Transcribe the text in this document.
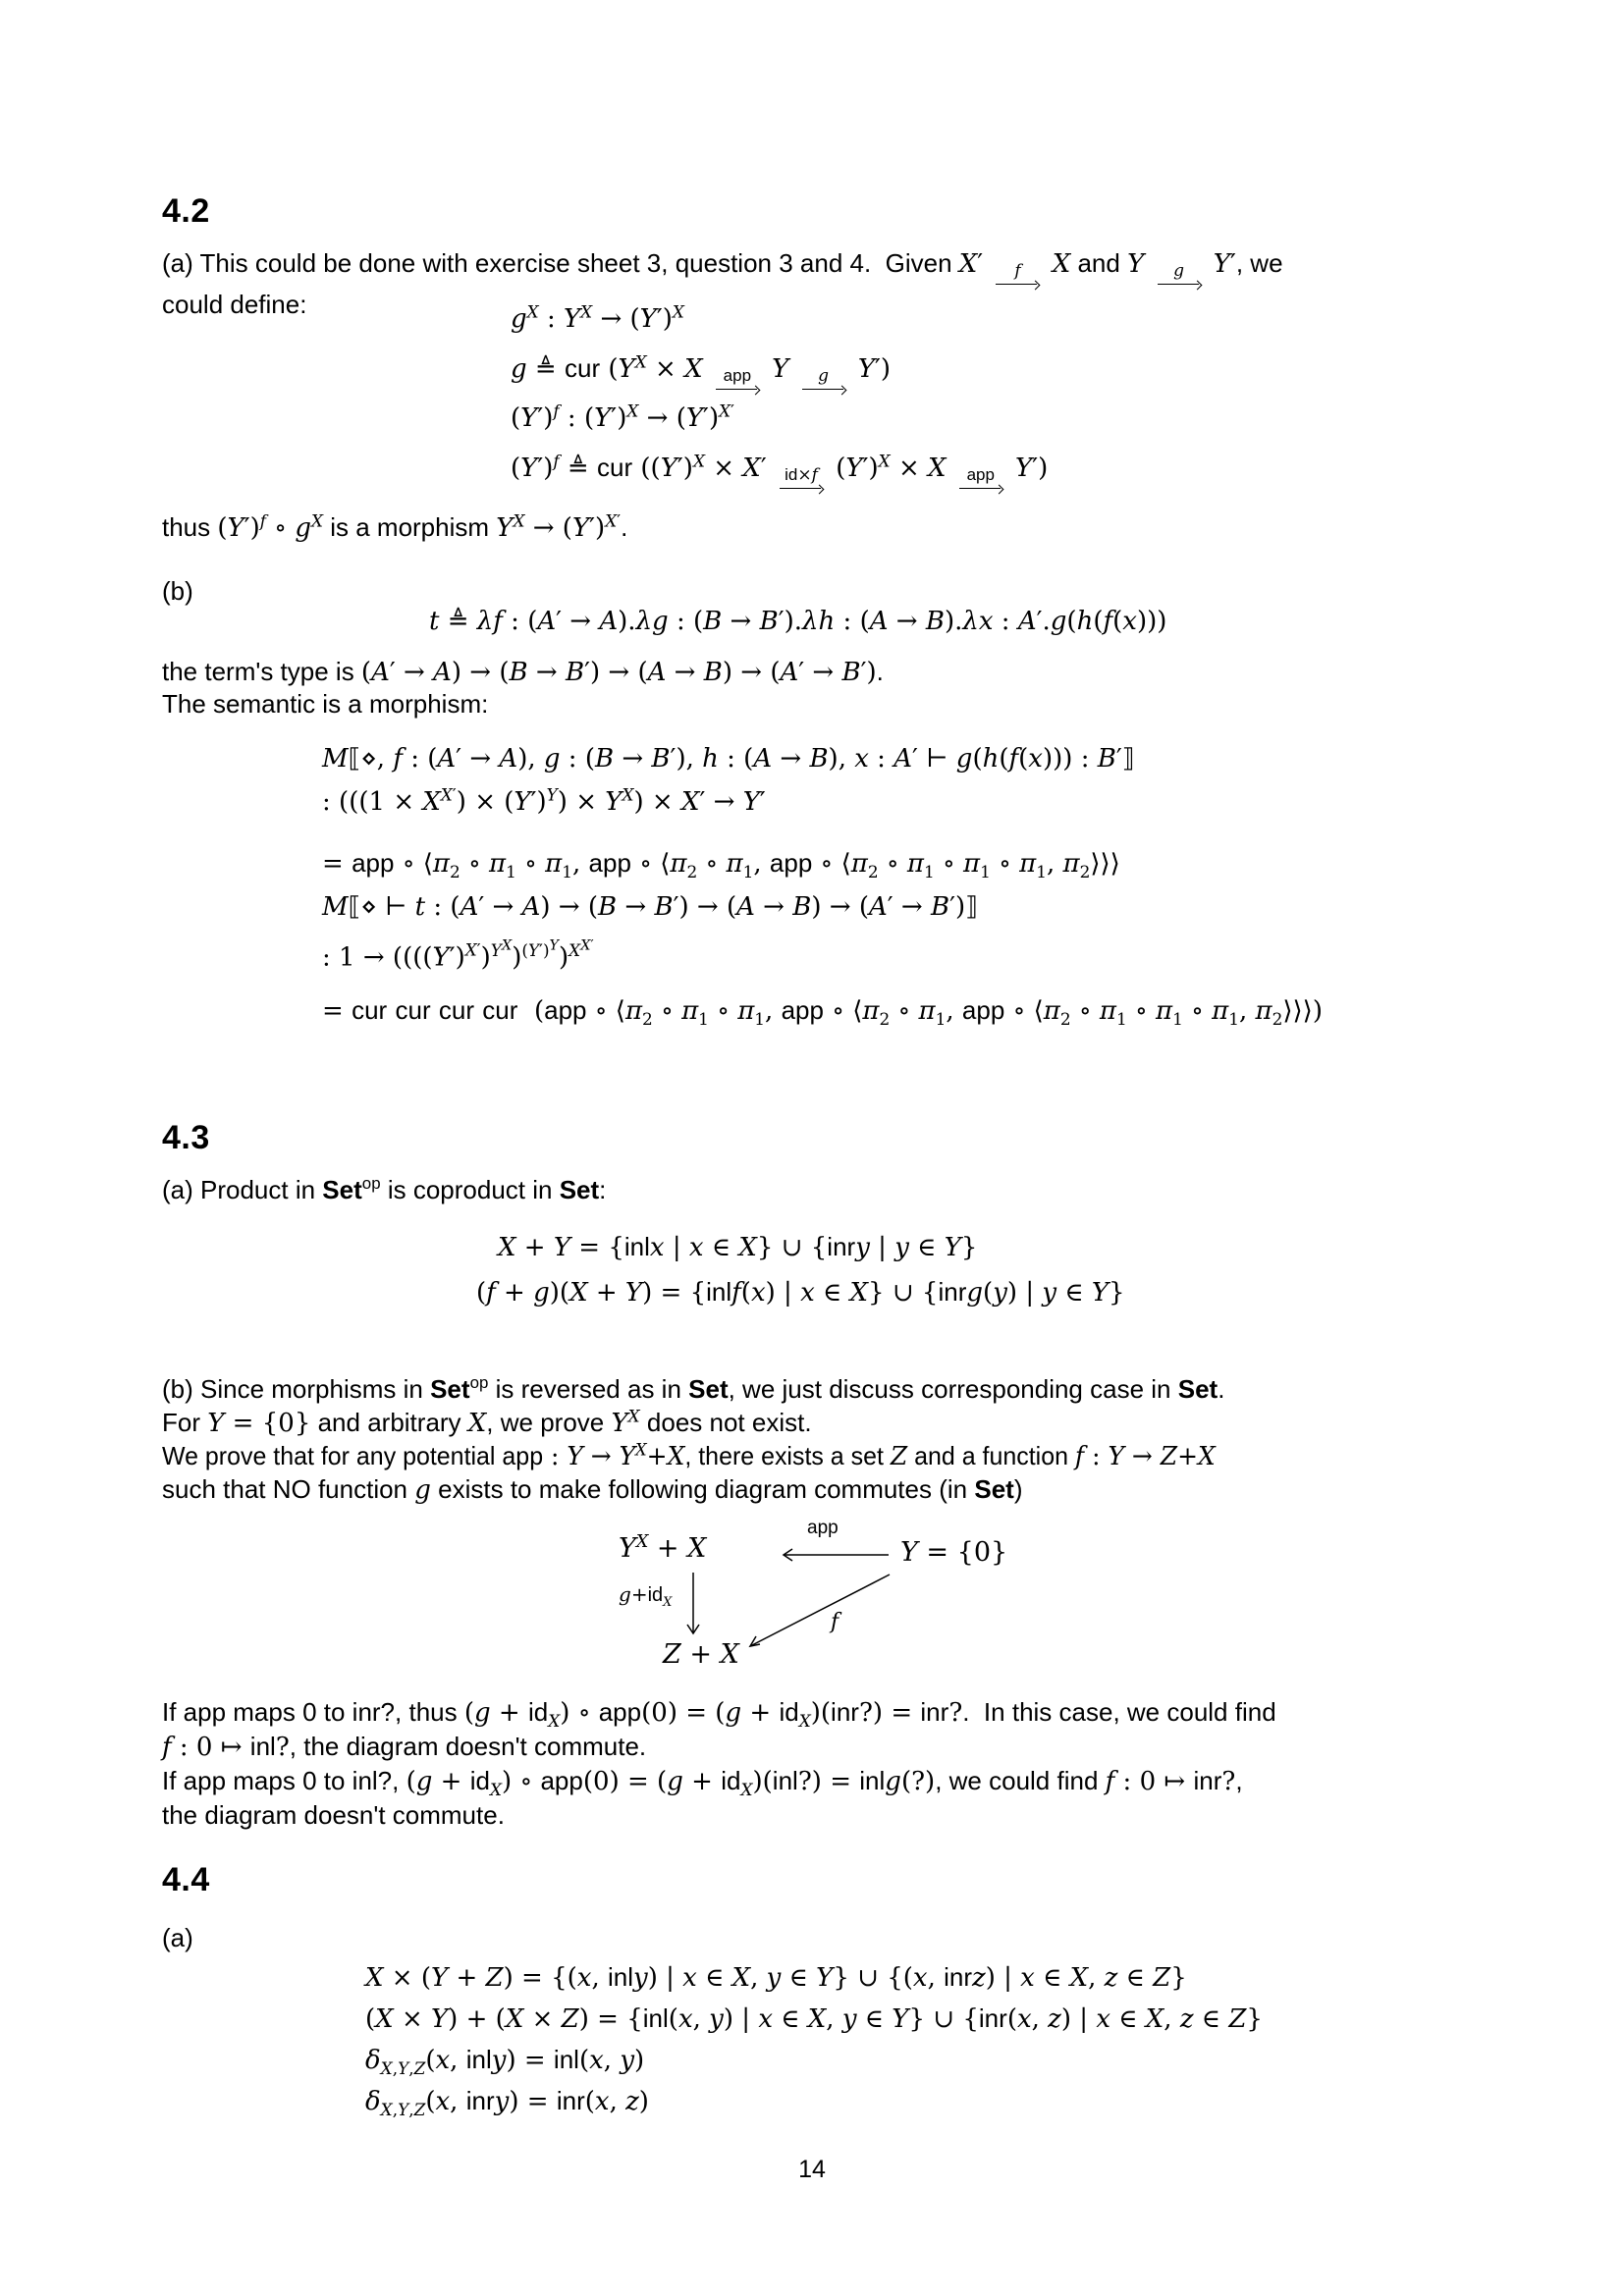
4.2
(a) This could be done with exercise sheet 3, question 3 and 4.  Given X′ f X and Y g Y′, we
could define:	$g^X$ : $Y^X \to (Y')^X$
g ≜ cur ($Y^X \times X$ app Y g Y′)
$(Y')^f$ : $(Y')^X \to (Y')^{X'}$
$(Y')^f$ ≜ cur ($(Y')^X \times X'$ id×f $(Y')^X \times X$ app Y′)
thus $(Y')^f$ ∘ $g^X$ is a morphism $Y^X \to (Y')^{X'}$.
(b)
t ≜ λf : (A′ → A).λg : (B → B′).λh : (A → B).λx : A′.g(h(f(x)))
the term's type is (A′ → A) → (B → B′) → (A → B) → (A′ → B′).
The semantic is a morphism:
M⟦⋄, f : (A′ → A), g : (B → B′), h : (A → B), x : A′ ⊢ g(h(f(x))) : B′⟧
: $(((1 \times X^{X'}) \times (Y')^Y) \times Y^X) \times X' \to Y'$
= app ∘ $⟨\pi_2$ ∘ $\pi_1$ ∘ $\pi_1$, app ∘ $⟨\pi_2$ ∘ $\pi_1$, app ∘ $⟨\pi_2$ ∘ $\pi_1$ ∘ $\pi_1$ ∘ $\pi_1$, $\pi_2⟩⟩⟩$
M⟦⋄ ⊢ t : (A′ → A) → (B → B′) → (A → B) → (A′ → B′)⟧
: $1 \to ((((Y')^{X'})^{Y^X})^{(Y')^Y})^{X^{X'}}$
= cur cur cur cur (app ∘ $⟨\pi_2$ ∘ $\pi_1$ ∘ $\pi_1$, app ∘ $⟨\pi_2$ ∘ $\pi_1$, app ∘ $⟨\pi_2$ ∘ $\pi_1$ ∘ $\pi_1$ ∘ $\pi_1$, $\pi_2⟩⟩⟩$)
4.3
(a) Product in Set$^{op}$ is coproduct in Set:
X + Y = {inlx | x ∈ X} ∪ {inry | y ∈ Y}
(f + g)(X + Y) = {inlf(x) | x ∈ X} ∪ {inrg(y) | y ∈ Y}
(b) Since morphisms in Set$^{op}$ is reversed as in Set, we just discuss corresponding case in Set.
For Y = {0} and arbitrary X, we prove $Y^X$ does not exist.
We prove that for any potential app : $Y \to Y^X+X$, there exists a set Z and a function f : Y → Z+X
such that NO function g exists to make following diagram commutes (in Set)
$Y^X + X$	Y = {0}
Z + X
app
$g+id_X$
f
If app maps 0 to inr?, thus $(g + id_X)$ ∘ $app(0) = (g + id_X)(inr?)$ = inr?.  In this case, we could find
f : 0 ↦ inl?, the diagram doesn't commute.
If app maps 0 to inl?, $(g + id_X)$ ∘ $app(0) = (g + id_X)(inl?)$ = inlg(?), we could find f : 0 ↦ inr?,
the diagram doesn't commute.
4.4
(a)
X × (Y + Z) = {(x, inly) | x ∈ X, y ∈ Y} ∪ {(x, inrz) | x ∈ X, z ∈ Z}
(X × Y) + (X × Z) = {inl(x, y) | x ∈ X, y ∈ Y} ∪ {inr(x, z) | x ∈ X, z ∈ Z}
$\delta_{X,Y,Z}(x$, inly) = inl(x, y)
$\delta_{X,Y,Z}(x$, inry) = inr(x, z)
14
